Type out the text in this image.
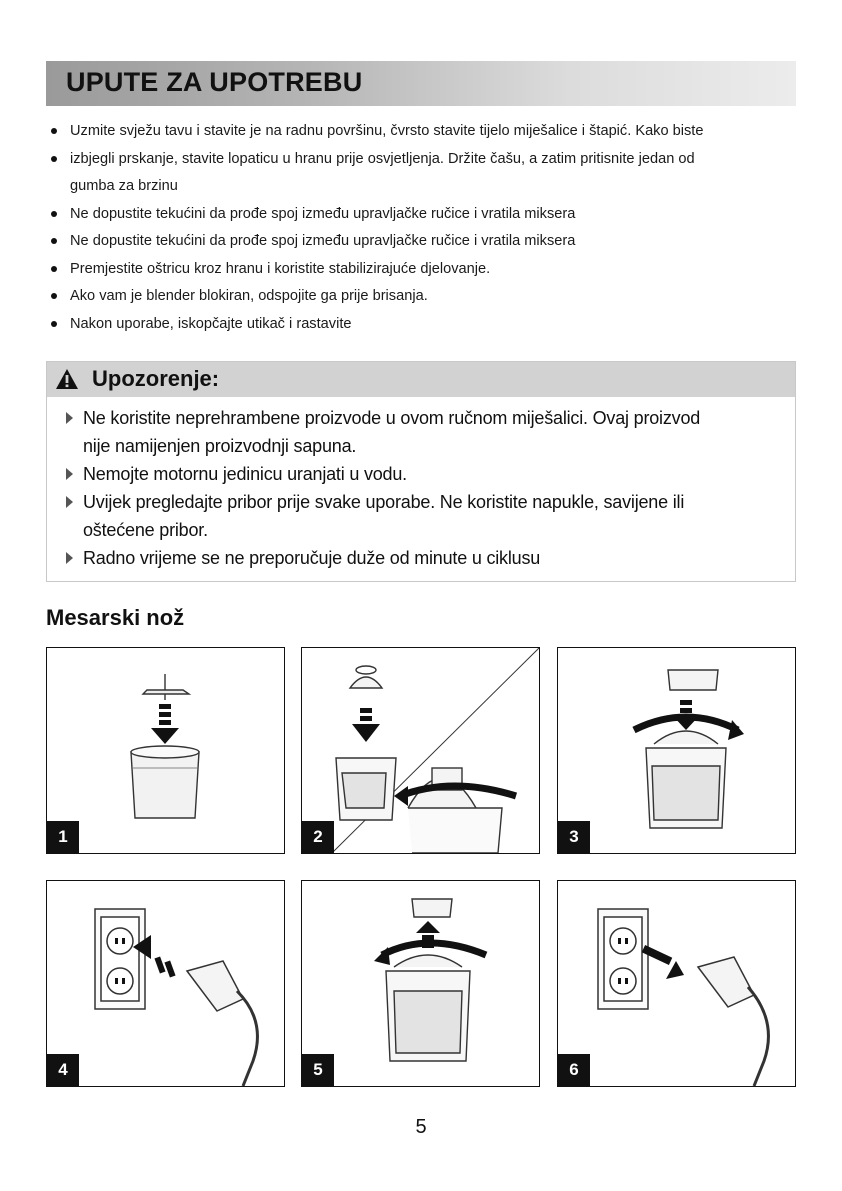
UPUTE ZA UPOTREBU
Uzmite svježu tavu i stavite je na radnu površinu, čvrsto stavite tijelo miješalice i štapić. Kako biste
izbjegli prskanje, stavite lopaticu u hranu prije osvjetljenja. Držite čašu, a zatim pritisnite jedan od
gumba za brzinu
Ne dopustite tekućini da prođe spoj između upravljačke ručice i vratila miksera
Ne dopustite tekućini da prođe spoj između upravljačke ručice i vratila miksera
Premjestite oštricu kroz hranu i koristite stabilizirajuće djelovanje.
Ako vam je blender blokiran, odspojite ga prije brisanja.
Nakon uporabe, iskopčajte utikač i rastavite
Upozorenje:
Ne koristite neprehrambene proizvode u ovom ručnom miješalici. Ovaj proizvod
nije namijenjen proizvodnji sapuna.
Nemojte motornu jedinicu uranjati u vodu.
Uvijek pregledajte pribor prije svake uporabe. Ne koristite napukle, savijene ili
oštećene pribor.
Radno vrijeme se ne preporučuje duže od minute u ciklusu
Mesarski nož
1	2	3
4	5	6
5
